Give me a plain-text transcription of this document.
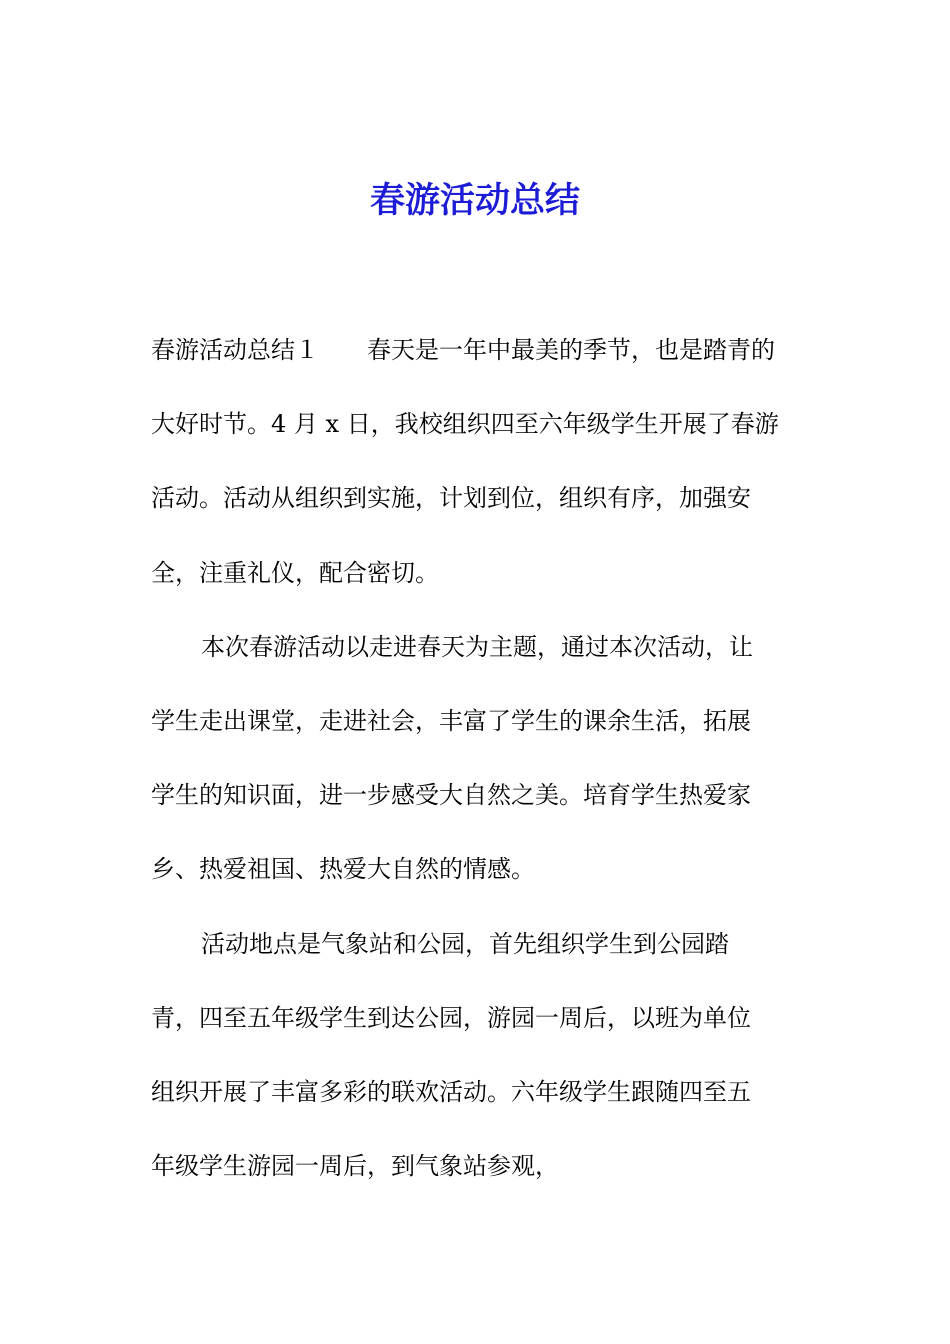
春游活动总结
春游活动总结１　　春天是一年中最美的季节，也是踏青的
大好时节。4 月 x 日，我校组织四至六年级学生开展了春游
活动。活动从组织到实施，计划到位，组织有序，加强安
全，注重礼仪，配合密切。
本次春游活动以走进春天为主题，通过本次活动，让
学生走出课堂，走进社会，丰富了学生的课余生活，拓展
学生的知识面，进一步感受大自然之美。培育学生热爱家
乡、热爱祖国、热爱大自然的情感。
活动地点是气象站和公园，首先组织学生到公园踏
青，四至五年级学生到达公园，游园一周后，以班为单位
组织开展了丰富多彩的联欢活动。六年级学生跟随四至五
年级学生游园一周后，到气象站参观，
